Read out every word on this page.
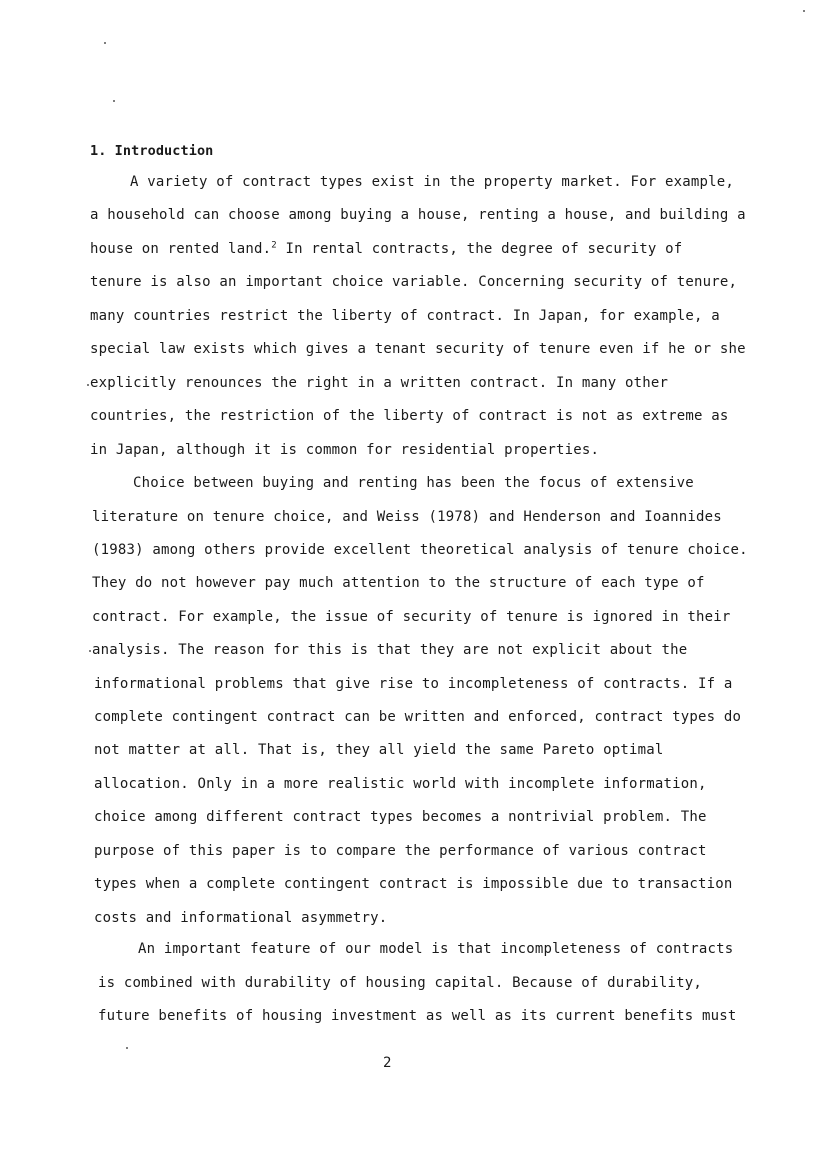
1. Introduction
A variety of contract types exist in the property market. For example,
a household can choose among buying a house, renting a house, and building a
house on rented land.$^2$ In rental contracts, the degree of security of
tenure is also an important choice variable. Concerning security of tenure,
many countries restrict the liberty of contract. In Japan, for example, a
special law exists which gives a tenant security of tenure even if he or she
explicitly renounces the right in a written contract. In many other
countries, the restriction of the liberty of contract is not as extreme as
in Japan, although it is common for residential properties.
Choice between buying and renting has been the focus of extensive
literature on tenure choice, and Weiss (1978) and Henderson and Ioannides
(1983) among others provide excellent theoretical analysis of tenure choice.
They do not however pay much attention to the structure of each type of
contract. For example, the issue of security of tenure is ignored in their
analysis. The reason for this is that they are not explicit about the
informational problems that give rise to incompleteness of contracts. If a
complete contingent contract can be written and enforced, contract types do
not matter at all. That is, they all yield the same Pareto optimal
allocation. Only in a more realistic world with incomplete information,
choice among different contract types becomes a nontrivial problem. The
purpose of this paper is to compare the performance of various contract
types when a complete contingent contract is impossible due to transaction
costs and informational asymmetry.
An important feature of our model is that incompleteness of contracts
is combined with durability of housing capital. Because of durability,
future benefits of housing investment as well as its current benefits must
2
